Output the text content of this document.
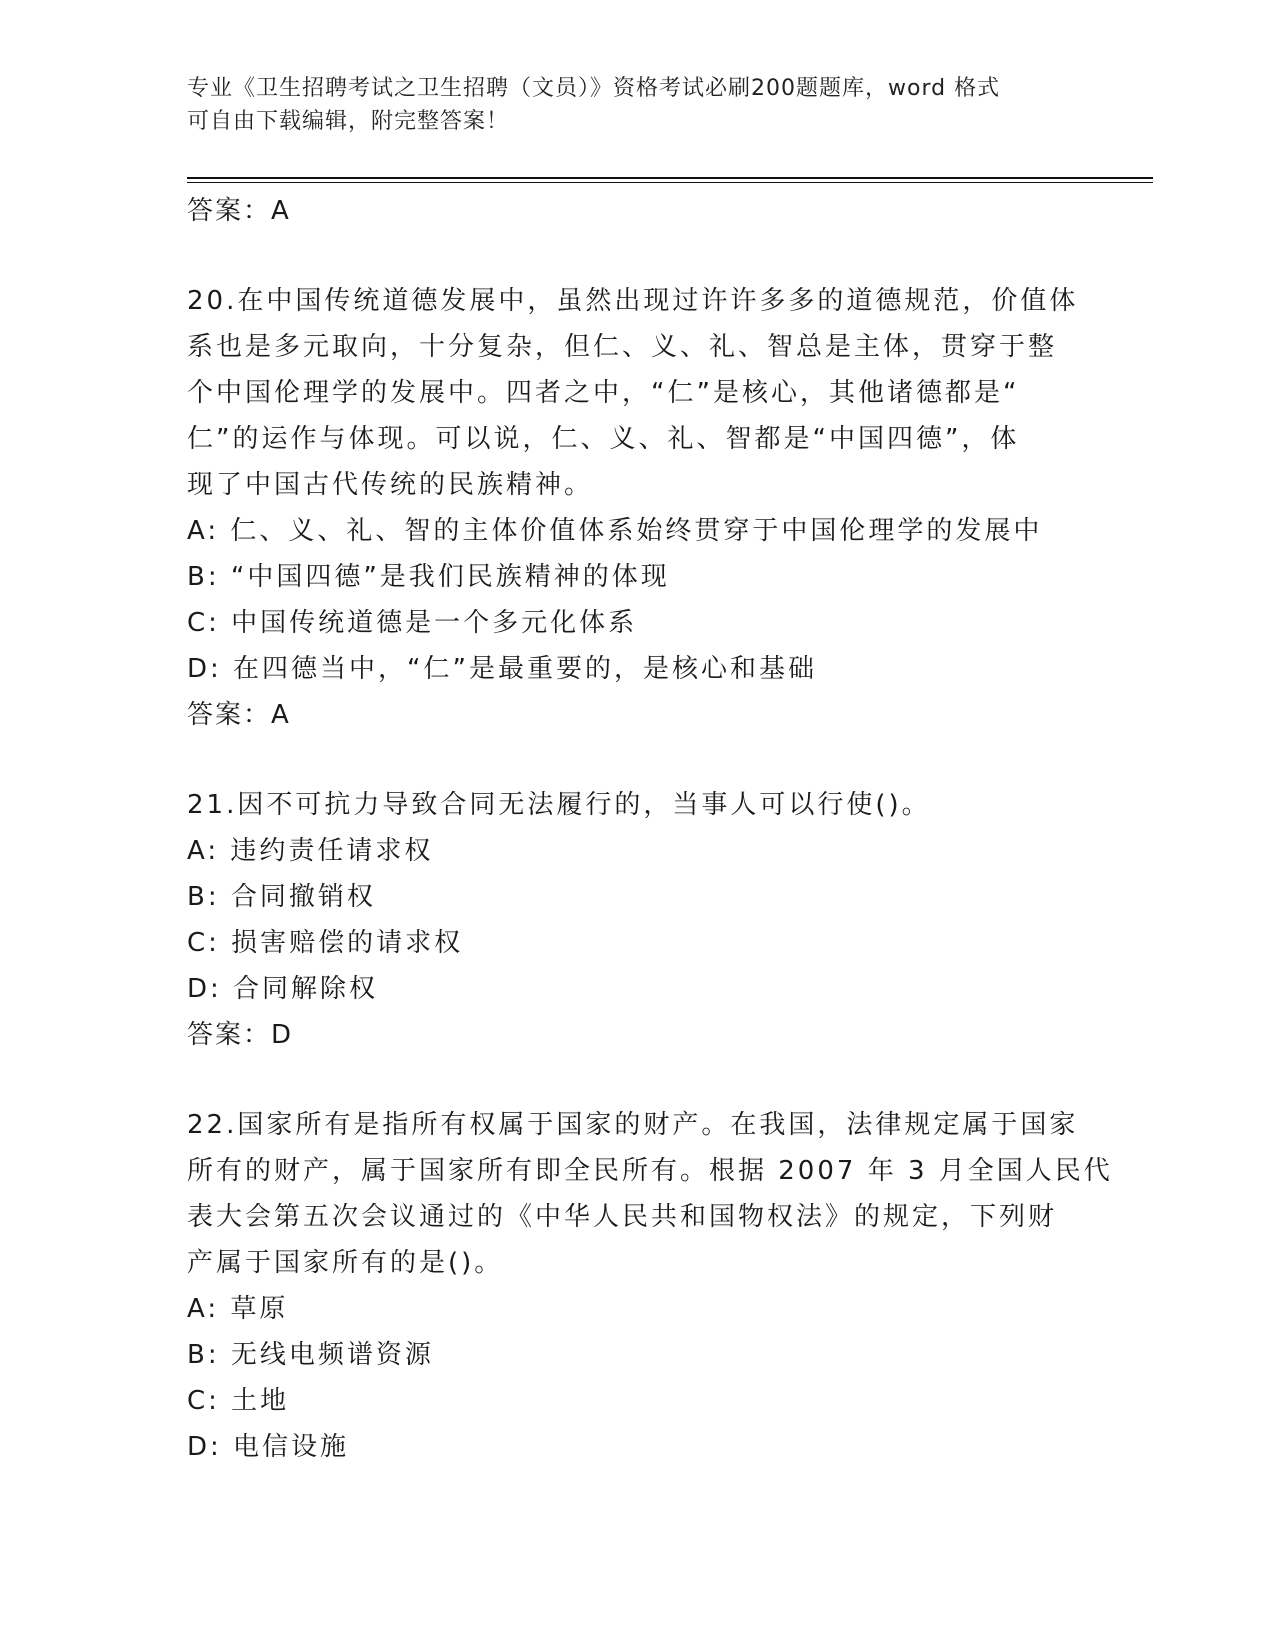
专业《卫生招聘考试之卫生招聘（文员）》资格考试必刷200题题库，word 格式
可自由下载编辑，附完整答案！
答案：A
20.在中国传统道德发展中，虽然出现过许许多多的道德规范，价值体
系也是多元取向，十分复杂，但仁、义、礼、智总是主体，贯穿于整
个中国伦理学的发展中。四者之中，“仁”是核心，其他诸德都是“
仁”的运作与体现。可以说，仁、义、礼、智都是“中国四德”，体
现了中国古代传统的民族精神。
A: 仁、义、礼、智的主体价值体系始终贯穿于中国伦理学的发展中
B: “中国四德”是我们民族精神的体现
C: 中国传统道德是一个多元化体系
D: 在四德当中，“仁”是最重要的，是核心和基础
答案：A
21.因不可抗力导致合同无法履行的，当事人可以行使()。
A: 违约责任请求权
B: 合同撤销权
C: 损害赔偿的请求权
D: 合同解除权
答案：D
22.国家所有是指所有权属于国家的财产。在我国，法律规定属于国家
所有的财产，属于国家所有即全民所有。根据 2007 年 3 月全国人民代
表大会第五次会议通过的《中华人民共和国物权法》的规定，下列财
产属于国家所有的是()。
A: 草原
B: 无线电频谱资源
C: 土地
D: 电信设施
